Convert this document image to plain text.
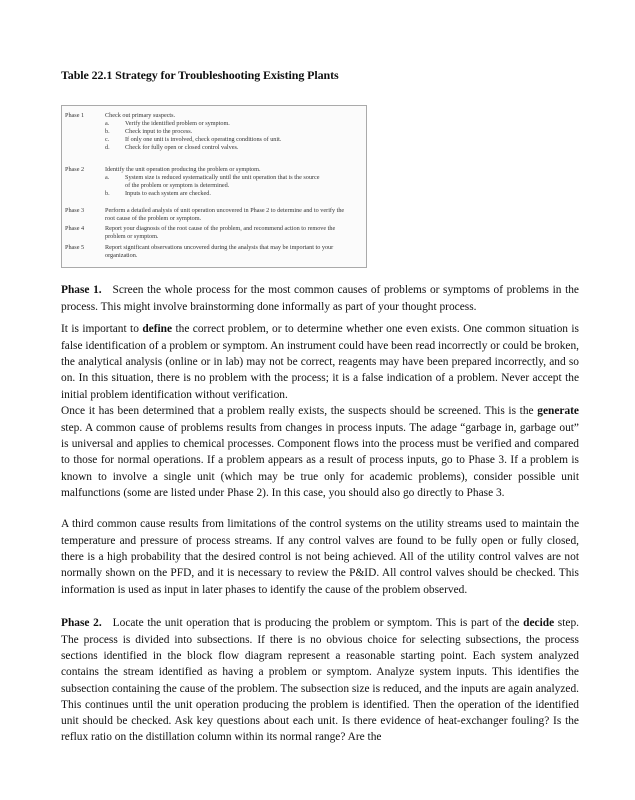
Table 22.1 Strategy for Troubleshooting Existing Plants
Phase 1	Check out primary suspects.
a.	Verify the identified problem or symptom.
b.	Check input to the process.
c.	If only one unit is involved, check operating conditions of unit.
d.	Check for fully open or closed control valves.
Phase 2	Identify the unit operation producing the problem or symptom.
a.	System size is reduced systematically until the unit operation that is the source of the problem or symptom is determined.
b.	Inputs to each system are checked.
Phase 3	Perform a detailed analysis of unit operation uncovered in Phase 2 to determine and to verify the root cause of the problem or symptom.
Phase 4	Report your diagnosis of the root cause of the problem, and recommend action to remove the problem or symptom.
Phase 5	Report significant observations uncovered during the analysis that may be important to your organization.

Phase 1. Screen the whole process for the most common causes of problems or symptoms of problems in the process. This might involve brainstorming done informally as part of your thought process.

It is important to define the correct problem, or to determine whether one even exists. One common situation is false identification of a problem or symptom. An instrument could have been read incorrectly or could be broken, the analytical analysis (online or in lab) may not be correct, reagents may have been prepared incorrectly, and so on. In this situation, there is no problem with the process; it is a false indication of a problem. Never accept the initial problem identification without verification.

Once it has been determined that a problem really exists, the suspects should be screened. This is the generate step. A common cause of problems results from changes in process inputs. The adage “garbage in, garbage out” is universal and applies to chemical processes. Component flows into the process must be verified and compared to those for normal operations. If a problem appears as a result of process inputs, go to Phase 3. If a problem is known to involve a single unit (which may be true only for academic problems), consider possible unit malfunctions (some are listed under Phase 2). In this case, you should also go directly to Phase 3.

A third common cause results from limitations of the control systems on the utility streams used to maintain the temperature and pressure of process streams. If any control valves are found to be fully open or fully closed, there is a high probability that the desired control is not being achieved. All of the utility control valves are not normally shown on the PFD, and it is necessary to review the P&ID. All control valves should be checked. This information is used as input in later phases to identify the cause of the problem observed.

Phase 2. Locate the unit operation that is producing the problem or symptom. This is part of the decide step. The process is divided into subsections. If there is no obvious choice for selecting subsections, the process sections identified in the block flow diagram represent a reasonable starting point. Each system analyzed contains the stream identified as having a problem or symptom. Analyze system inputs. This identifies the subsection containing the cause of the problem. The subsection size is reduced, and the inputs are again analyzed. This continues until the unit operation producing the problem is identified. Then the operation of the identified unit should be checked. Ask key questions about each unit. Is there evidence of heat-exchanger fouling? Is the reflux ratio on the distillation column within its normal range? Are the
